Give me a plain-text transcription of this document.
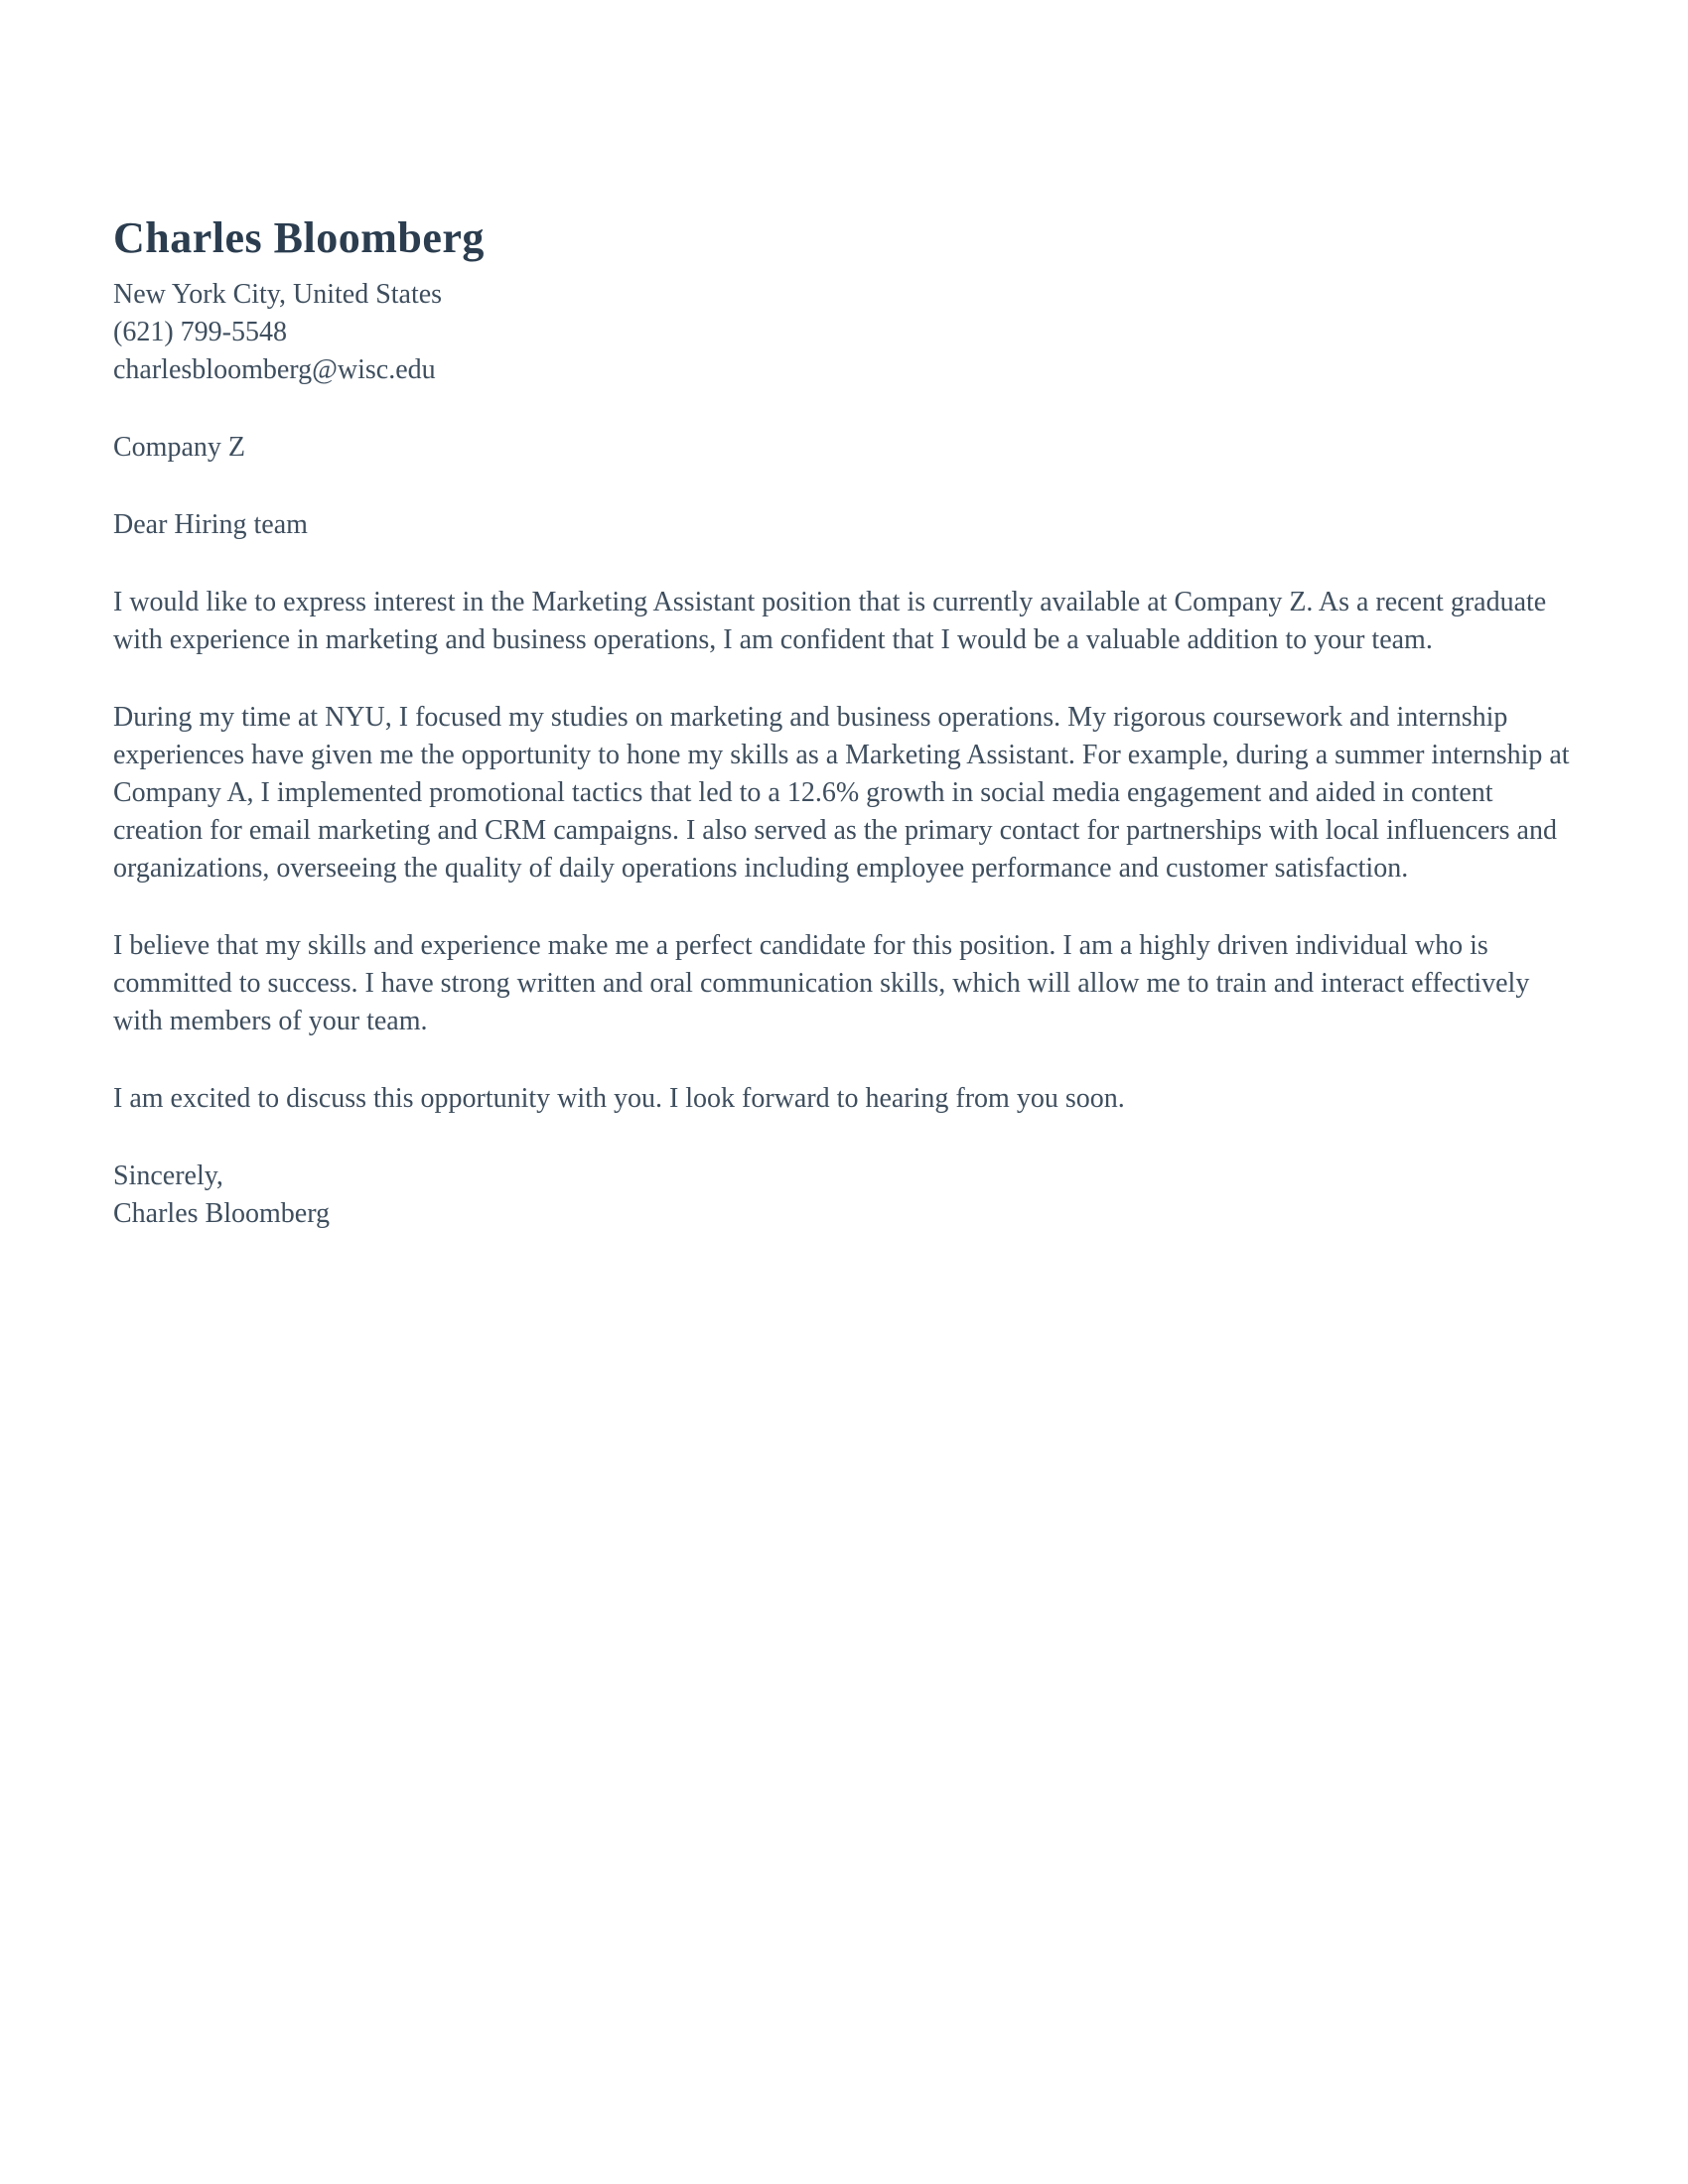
Charles Bloomberg
New York City, United States
(621) 799-5548
charlesbloomberg@wisc.edu
Company Z
Dear Hiring team

I would like to express interest in the Marketing Assistant position that is currently available at Company Z. As a recent graduate with experience in marketing and business operations, I am confident that I would be a valuable addition to your team.

During my time at NYU, I focused my studies on marketing and business operations. My rigorous coursework and internship experiences have given me the opportunity to hone my skills as a Marketing Assistant. For example, during a summer internship at Company A, I implemented promotional tactics that led to a 12.6% growth in social media engagement and aided in content creation for email marketing and CRM campaigns. I also served as the primary contact for partnerships with local influencers and organizations, overseeing the quality of daily operations including employee performance and customer satisfaction.

I believe that my skills and experience make me a perfect candidate for this position. I am a highly driven individual who is committed to success. I have strong written and oral communication skills, which will allow me to train and interact effectively with members of your team.

I am excited to discuss this opportunity with you. I look forward to hearing from you soon.

Sincerely,
Charles Bloomberg
